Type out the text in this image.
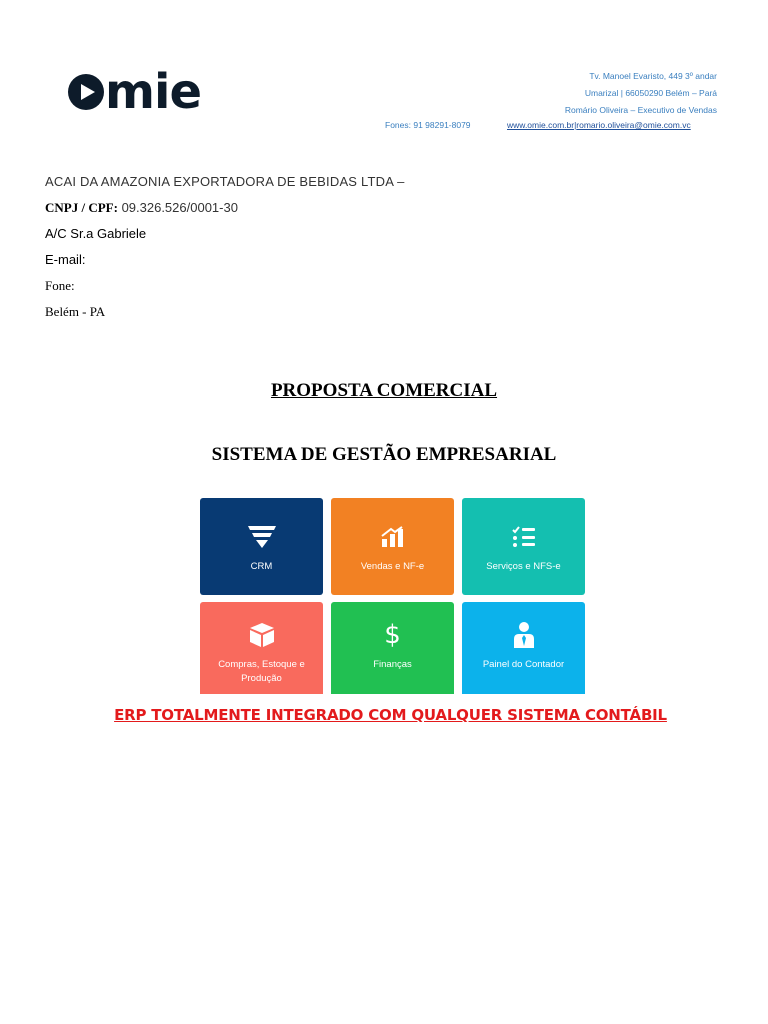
mie	Tv. Manoel Evaristo, 449 3º andar
Umarizal | 66050290 Belém – Pará
Romário Oliveira – Executivo de Vendas
Fones: 91 98291-8079	www.omie.com.br|romario.oliveira@omie.com.vc
ACAI DA AMAZONIA EXPORTADORA DE BEBIDAS LTDA –
CNPJ / CPF: 09.326.526/0001-30
A/C Sr.a Gabriele
E-mail:
Fone:
Belém - PA
PROPOSTA COMERCIAL
SISTEMA DE GESTÃO EMPRESARIAL
CRM	Vendas e NF-e	Serviços e NFS-e
Compras, Estoque e Produção
$
Finanças	Painel do Contador
ERP TOTALMENTE INTEGRADO COM QUALQUER SISTEMA CONTÁBIL
